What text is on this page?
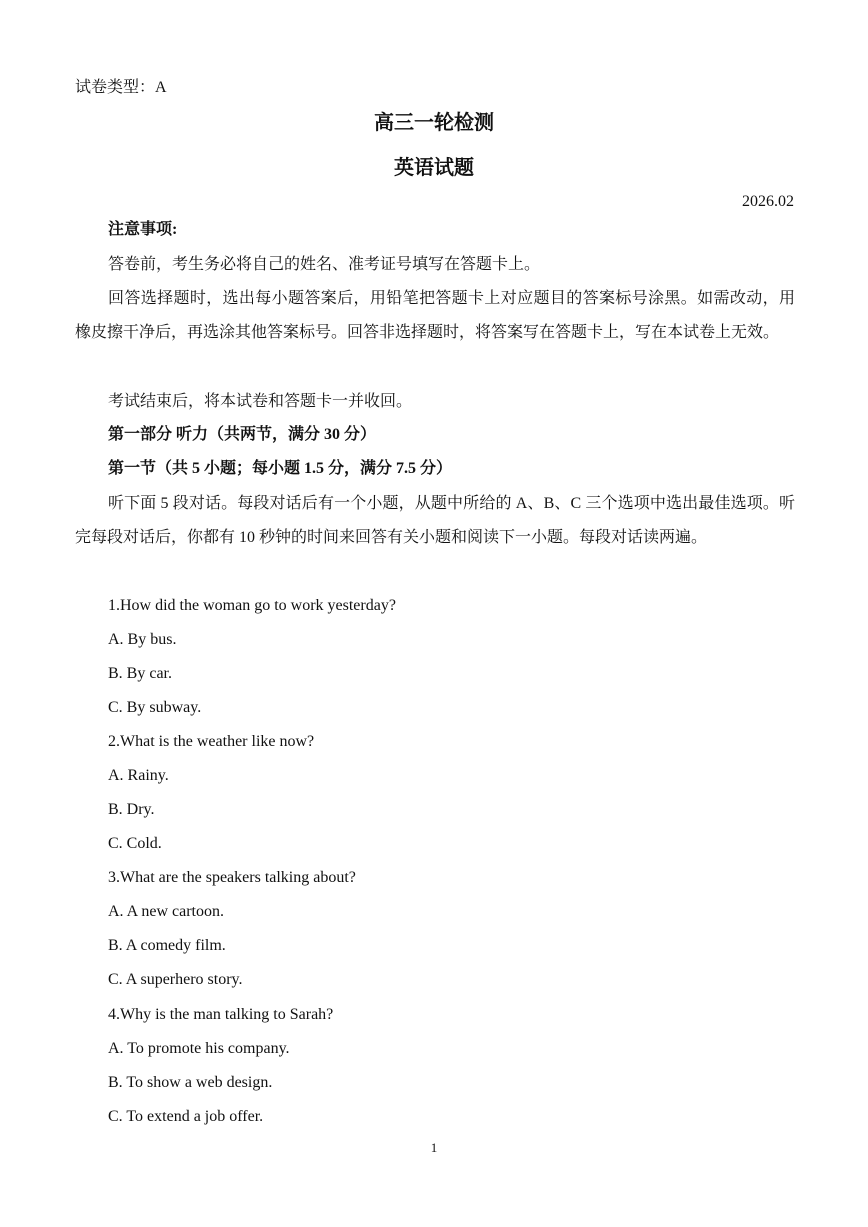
试卷类型：A
高三一轮检测
英语试题
2026.02
注意事项:
答卷前，考生务必将自己的姓名、准考证号填写在答题卡上。
回答选择题时，选出每小题答案后，用铅笔把答题卡上对应题目的答案标号涂黑。如需改动，用橡皮擦干净后，再选涂其他答案标号。回答非选择题时，将答案写在答题卡上，写在本试卷上无效。
考试结束后，将本试卷和答题卡一并收回。
第一部分 听力（共两节，满分 30 分）
第一节（共 5 小题；每小题 1.5 分，满分 7.5 分）
听下面 5 段对话。每段对话后有一个小题，从题中所给的 A、B、C 三个选项中选出最佳选项。听完每段对话后，你都有 10 秒钟的时间来回答有关小题和阅读下一小题。每段对话读两遍。
1.How did the woman go to work yesterday?
A. By bus.
B. By car.
C. By subway.
2.What is the weather like now?
A. Rainy.
B. Dry.
C. Cold.
3.What are the speakers talking about?
A. A new cartoon.
B. A comedy film.
C. A superhero story.
4.Why is the man talking to Sarah?
A. To promote his company.
B. To show a web design.
C. To extend a job offer.
1
